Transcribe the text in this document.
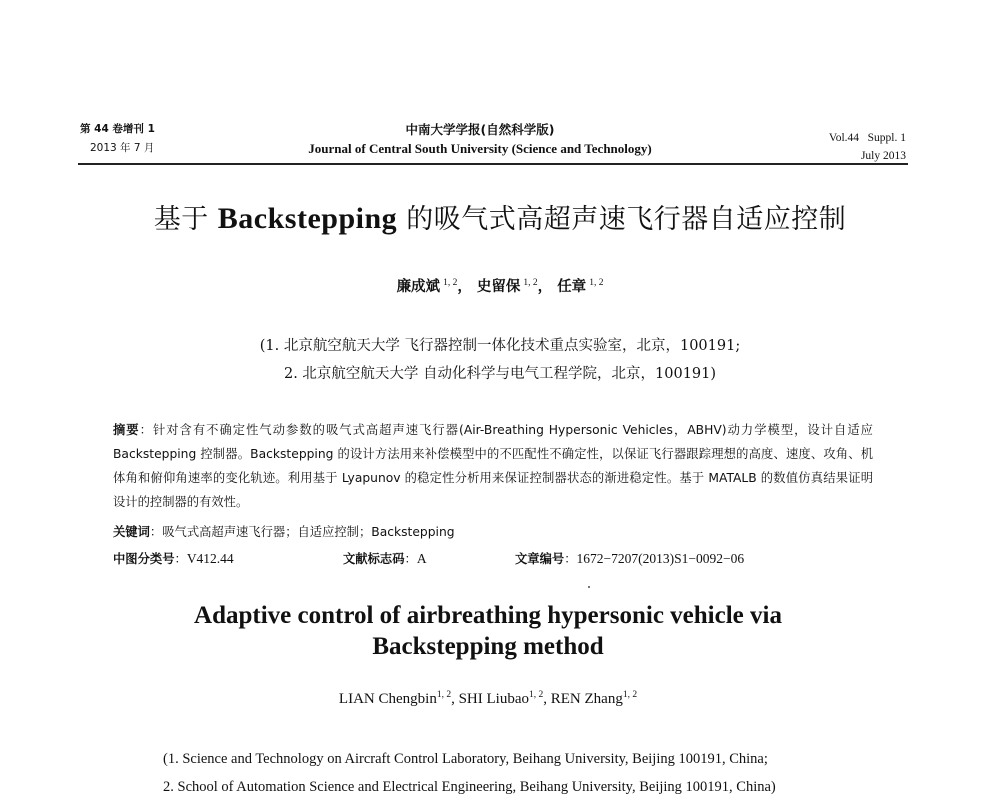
第 44 卷增刊 1
2013 年 7 月
中南大学学报(自然科学版)
Journal of Central South University (Science and Technology)
Vol.44   Suppl. 1
July 2013
基于 Backstepping 的吸气式高超声速飞行器自适应控制
廉成斌 $^{1, 2}$， 史留保 $^{1, 2}$， 任章 $^{1, 2}$
(1. 北京航空航天大学 飞行器控制一体化技术重点实验室，北京，100191;
2. 北京航空航天大学 自动化科学与电气工程学院，北京，100191)
摘要：针对含有不确定性气动参数的吸气式高超声速飞行器(Air-Breathing Hypersonic Vehicles，ABHV)动力学模型，设计自适应 Backstepping 控制器。Backstepping 的设计方法用来补偿模型中的不匹配性不确定性，以保证飞行器跟踪理想的高度、速度、攻角、机体角和俯仰角速率的变化轨迹。利用基于 Lyapunov 的稳定性分析用来保证控制器状态的渐进稳定性。基于 MATALB 的数值仿真结果证明设计的控制器的有效性。
关键词：吸气式高超声速飞行器；自适应控制；Backstepping
中图分类号：V412.44	文献标志码：A	文章编号：1672−7207(2013)S1−0092−06
Adaptive control of airbreathing hypersonic vehicle via
Backstepping method
LIAN Chengbin$^{1, 2}$, SHI Liubao$^{1, 2}$, REN Zhang$^{1, 2}$
(1. Science and Technology on Aircraft Control Laboratory, Beihang University, Beijing 100191, China;
2. School of Automation Science and Electrical Engineering, Beihang University, Beijing 100191, China)
